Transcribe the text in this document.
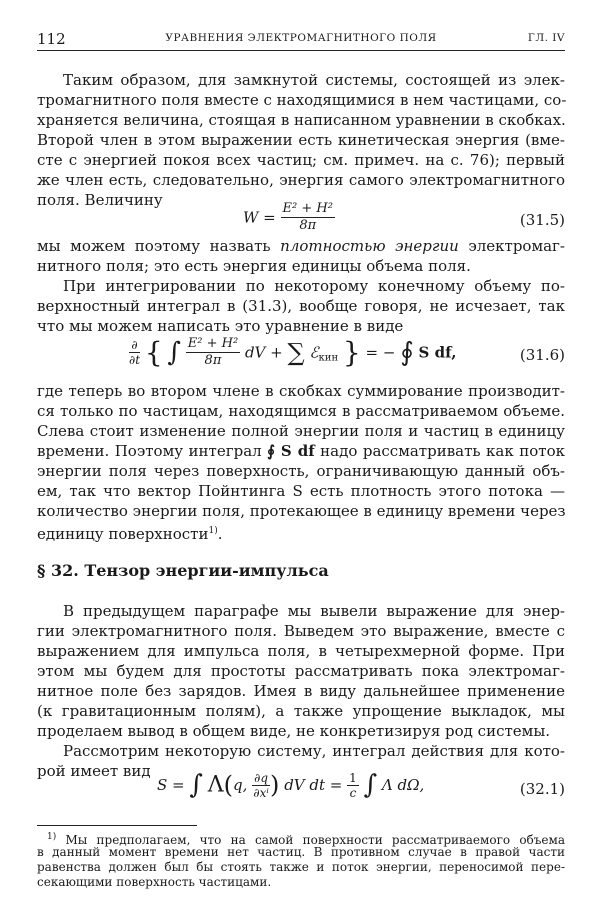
112	УРАВНЕНИЯ ЭЛЕКТРОМАГНИТНОГО ПОЛЯ	ГЛ. IV
Таким образом, для замкнутой системы, состоящей из элек-
тромагнитного поля вместе с находящимися в нем частицами, со-
храняется величина, стоящая в написанном уравнении в скобках.
Второй член в этом выражении есть кинетическая энергия (вме-
сте с энергией покоя всех частиц; см. примеч. на с. 76); первый
же член есть, следовательно, энергия самого электромагнитного
поля. Величину
$W = \frac{\text{E² + H²}}{8\pi}$	(31.5)
мы можем поэтому назвать плотностью энергии электромаг-
нитного поля; это есть энергия единицы объема поля.
При интегрировании по некоторому конечному объему по-
верхностный интеграл в (31.3), вообще говоря, не исчезает, так
что мы можем написать это уравнение в виде
$\frac{\partial}{\partial t}$ { ∫ $\frac{\text{E² + H²}}{8\pi}$ dV + ∑ ℰ$_{кин}$ } = − ∮ S df,	(31.6)
где теперь во втором члене в скобках суммирование производит-
ся только по частицам, находящимся в рассматриваемом объеме.
Слева стоит изменение полной энергии поля и частиц в единицу
времени. Поэтому интеграл ∮ S df надо рассматривать как поток
энергии поля через поверхность, ограничивающую данный объ-
ем, так что вектор Пойнтинга S есть плотность этого потока —
количество энергии поля, протекающее в единицу времени через
единицу поверхности$^{1)}$.
§ 32. Тензор энергии-импульса
В предыдущем параграфе мы вывели выражение для энер-
гии электромагнитного поля. Выведем это выражение, вместе с
выражением для импульса поля, в четырехмерной форме. При
этом мы будем для простоты рассматривать пока электромаг-
нитное поле без зарядов. Имея в виду дальнейшее применение
(к гравитационным полям), а также упрощение выкладок, мы
проделаем вывод в общем виде, не конкретизируя род системы.
Рассмотрим некоторую систему, интеграл действия для кото-
рой имеет вид
S = ∫ Λ(q, $\frac{\partial q}{\text{∂xⁱ}}$ ) dV dt = $\frac{1}{c}$ ∫ Λ dΩ,	(32.1)
$^{1)}$ Мы предполагаем, что на самой поверхности рассматриваемого объема
в данный момент времени нет частиц. В противном случае в правой части
равенства должен был бы стоять также и поток энергии, переносимой пере-
секающими поверхность частицами.
